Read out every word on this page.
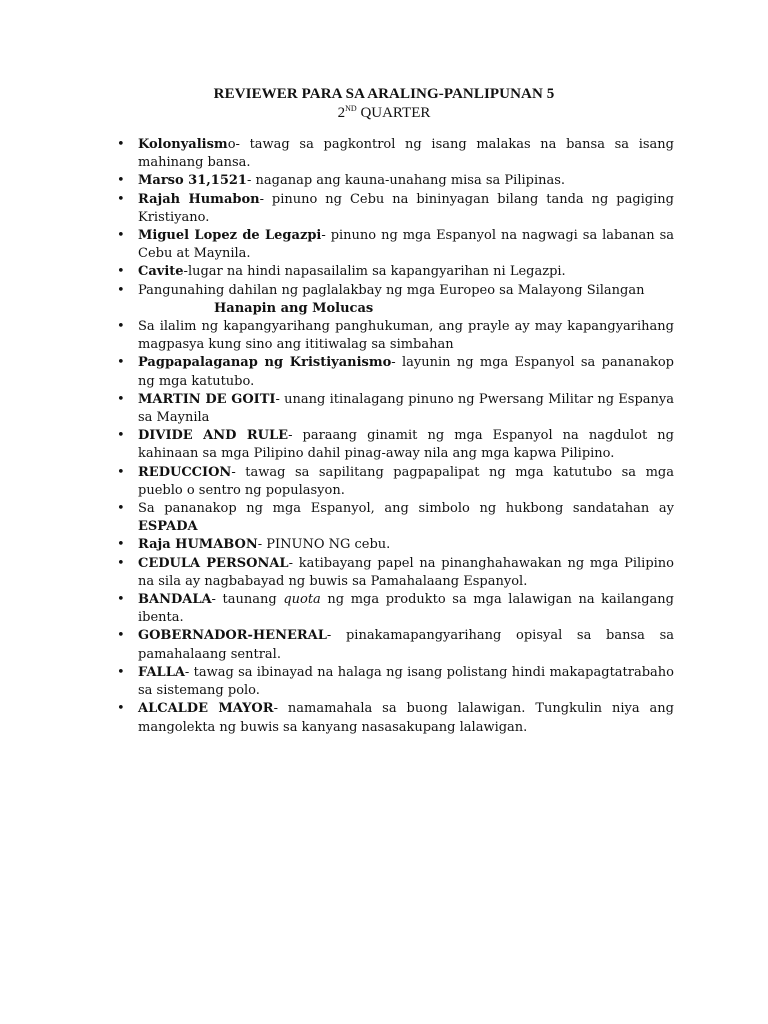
REVIEWER PARA SA ARALING-PANLIPUNAN 5
2ND QUARTER
• Kolonyalismo- tawag sa pagkontrol ng isang malakas na bansa sa isang mahinang bansa.
• Marso 31,1521- naganap ang kauna-unahang misa sa Pilipinas.
• Rajah Humabon- pinuno ng Cebu na bininyagan bilang tanda ng pagiging Kristiyano.
• Miguel Lopez de Legazpi- pinuno ng mga Espanyol na nagwagi sa labanan sa Cebu at Maynila.
• Cavite-lugar na hindi napasailalim sa kapangyarihan ni Legazpi.
• Pangunahing dahilan ng paglalakbay ng mga Europeo sa Malayong Silangan
Hanapin ang Molucas
• Sa ilalim ng kapangyarihang panghukuman, ang prayle ay may kapangyarihang magpasya kung sino ang ititiwalag sa simbahan
• Pagpapalaganap ng Kristiyanismo- layunin ng mga Espanyol sa pananakop ng mga katutubo.
• MARTIN DE GOITI- unang itinalagang pinuno ng Pwersang Militar ng Espanya sa Maynila
• DIVIDE AND RULE- paraang ginamit ng mga Espanyol na nagdulot ng kahinaan sa mga Pilipino dahil pinag-away nila ang mga kapwa Pilipino.
• REDUCCION- tawag sa sapilitang pagpapalipat ng mga katutubo sa mga pueblo o sentro ng populasyon.
• Sa pananakop ng mga Espanyol, ang simbolo ng hukbong sandatahan ay ESPADA
• Raja HUMABON- PINUNO NG cebu.
• CEDULA PERSONAL- katibayang papel na pinanghahawakan ng mga Pilipino na sila ay nagbabayad ng buwis sa Pamahalaang Espanyol.
• BANDALA- taunang quota ng mga produkto sa mga lalawigan na kailangang ibenta.
• GOBERNADOR-HENERAL- pinakamapangyarihang opisyal sa bansa sa pamahalaang sentral.
• FALLA- tawag sa ibinayad na halaga ng isang polistang hindi makapagtatrabaho sa sistemang polo.
• ALCALDE MAYOR- namamahala sa buong lalawigan. Tungkulin niya ang mangolekta ng buwis sa kanyang nasasakupang lalawigan.
